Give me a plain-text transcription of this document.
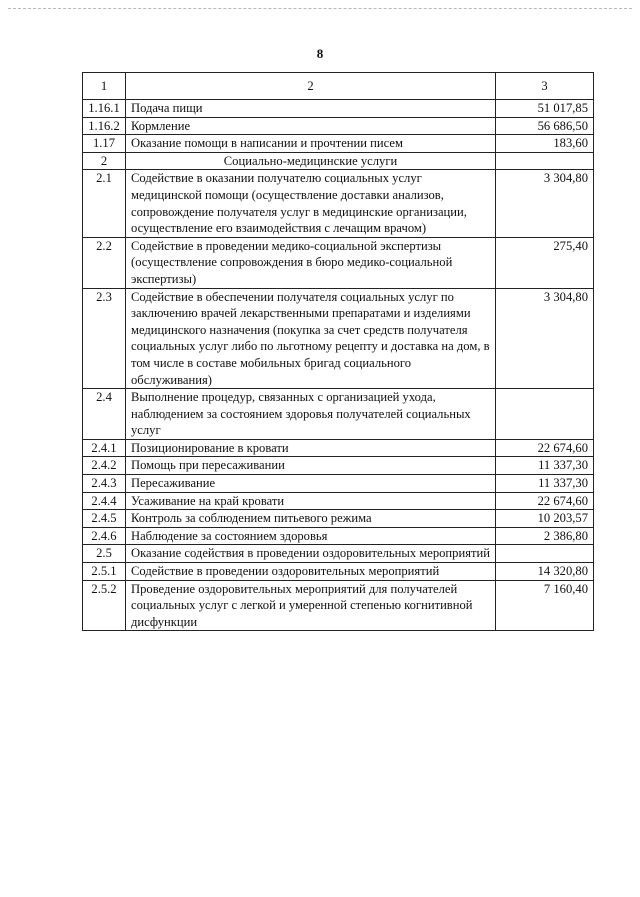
8
1	2	3
1.16.1	Подача пищи	51 017,85
1.16.2	Кормление	56 686,50
1.17	Оказание помощи в написании и прочтении писем	183,60
2	Социально-медицинские услуги	
2.1	Содействие в оказании получателю социальных услуг медицинской помощи (осуществление доставки анализов, сопровождение получателя услуг в медицинские организации, осуществление его взаимодействия с лечащим врачом)	3 304,80
2.2	Содействие в проведении медико-социальной экспертизы (осуществление сопровождения в бюро медико-социальной экспертизы)	275,40
2.3	Содействие в обеспечении получателя социальных услуг по заключению врачей лекарственными препаратами и изделиями медицинского назначения (покупка за счет средств получателя социальных услуг либо по льготному рецепту и доставка на дом, в том числе в составе мобильных бригад социального обслуживания)	3 304,80
2.4	Выполнение процедур, связанных с организацией ухода, наблюдением за состоянием здоровья получателей социальных услуг	
2.4.1	Позиционирование в кровати	22 674,60
2.4.2	Помощь при пересаживании	11 337,30
2.4.3	Пересаживание	11 337,30
2.4.4	Усаживание на край кровати	22 674,60
2.4.5	Контроль за соблюдением питьевого режима	10 203,57
2.4.6	Наблюдение за состоянием здоровья	2 386,80
2.5	Оказание содействия в проведении оздоровительных мероприятий	
2.5.1	Содействие в проведении оздоровительных мероприятий	14 320,80
2.5.2	Проведение оздоровительных мероприятий для получателей социальных услуг с легкой и умеренной степенью когнитивной дисфункции	7 160,40
